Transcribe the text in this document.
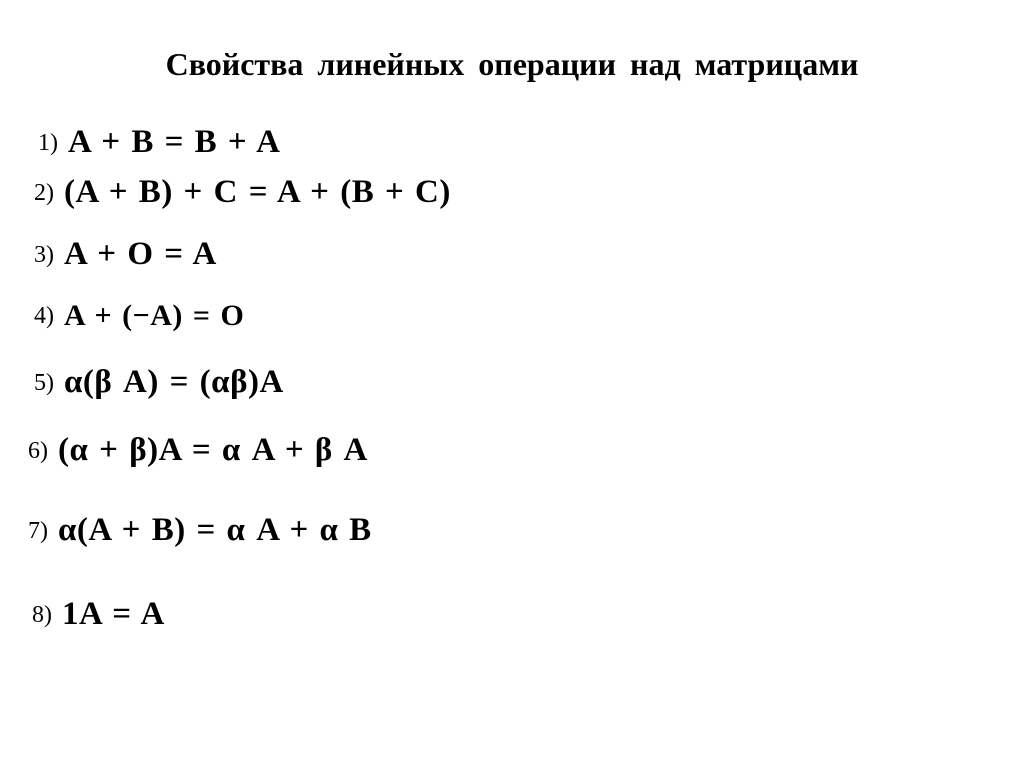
Свойства линейных операции над матрицами
1) A + B = B + A
2) (A + B) + C = A + (B + C)
3) A + O = A
4) A + (−A) = O
5) α(β A) = (αβ)A
6) (α + β)A = α A + β A
7) α(A + B) = α A + α B
8) 1A = A
